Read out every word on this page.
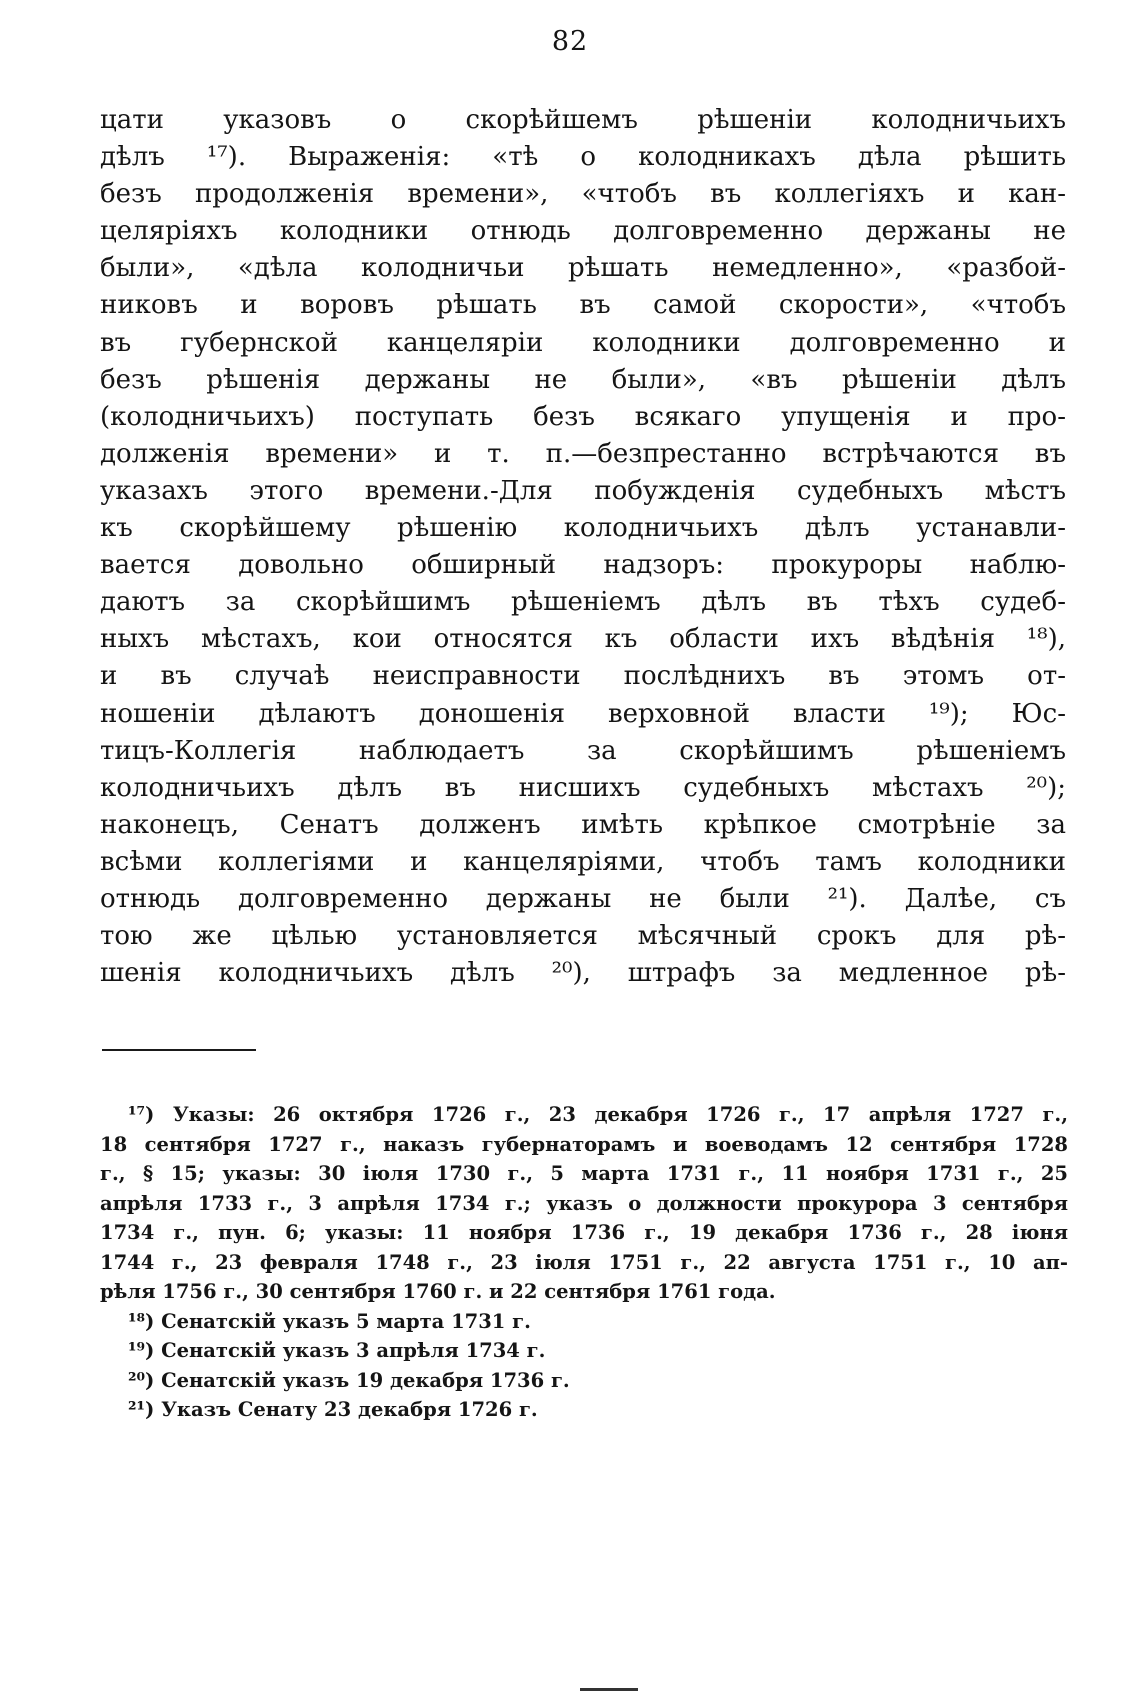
82
цати указовъ о скорѣйшемъ рѣшеніи колодничьихъ
дѣлъ ¹⁷). Выраженія: «тѣ о колодникахъ дѣла рѣшить
безъ продолженія времени», «чтобъ въ коллегіяхъ и кан-
целяріяхъ колодники отнюдь долговременно держаны не
были», «дѣла колодничьи рѣшать немедленно», «разбой-
никовъ и воровъ рѣшать въ самой скорости», «чтобъ
въ губернской канцеляріи колодники долговременно и
безъ рѣшенія держаны не были», «въ рѣшеніи дѣлъ
(колодничьихъ) поступать безъ всякаго упущенія и про-
долженія времени» и т. п.—безпрестанно встрѣчаются въ
указахъ этого времени.-Для побужденія судебныхъ мѣстъ
къ скорѣйшему рѣшенію колодничьихъ дѣлъ устанавли-
вается довольно обширный надзоръ: прокуроры наблю-
даютъ за скорѣйшимъ рѣшеніемъ дѣлъ въ тѣхъ судеб-
ныхъ мѣстахъ, кои относятся къ области ихъ вѣдѣнія ¹⁸),
и въ случаѣ неисправности послѣднихъ въ этомъ от-
ношеніи дѣлаютъ доношенія верховной власти ¹⁹); Юс-
тицъ-Коллегія наблюдаетъ за скорѣйшимъ рѣшеніемъ
колодничьихъ дѣлъ въ нисшихъ судебныхъ мѣстахъ ²⁰);
наконецъ, Сенатъ долженъ имѣть крѣпкое смотрѣніе за
всѣми коллегіями и канцеляріями, чтобъ тамъ колодники
отнюдь долговременно держаны не были ²¹). Далѣе, съ
тою же цѣлью установляется мѣсячный срокъ для рѣ-
шенія колодничьихъ дѣлъ ²⁰), штрафъ за медленное рѣ-
¹⁷) Указы: 26 октября 1726 г., 23 декабря 1726 г., 17 апрѣля 1727 г.,
18 сентября 1727 г., наказъ губернаторамъ и воеводамъ 12 сентября 1728
г., § 15; указы: 30 іюля 1730 г., 5 марта 1731 г., 11 ноября 1731 г., 25
апрѣля 1733 г., 3 апрѣля 1734 г.; указъ о должности прокурора 3 сентября
1734 г., пун. 6; указы: 11 ноября 1736 г., 19 декабря 1736 г., 28 іюня
1744 г., 23 февраля 1748 г., 23 іюля 1751 г., 22 августа 1751 г., 10 ап-
рѣля 1756 г., 30 сентября 1760 г. и 22 сентября 1761 года.
¹⁸) Сенатскій указъ 5 марта 1731 г.
¹⁹) Сенатскій указъ 3 апрѣля 1734 г.
²⁰) Сенатскій указъ 19 декабря 1736 г.
²¹) Указъ Сенату 23 декабря 1726 г.
